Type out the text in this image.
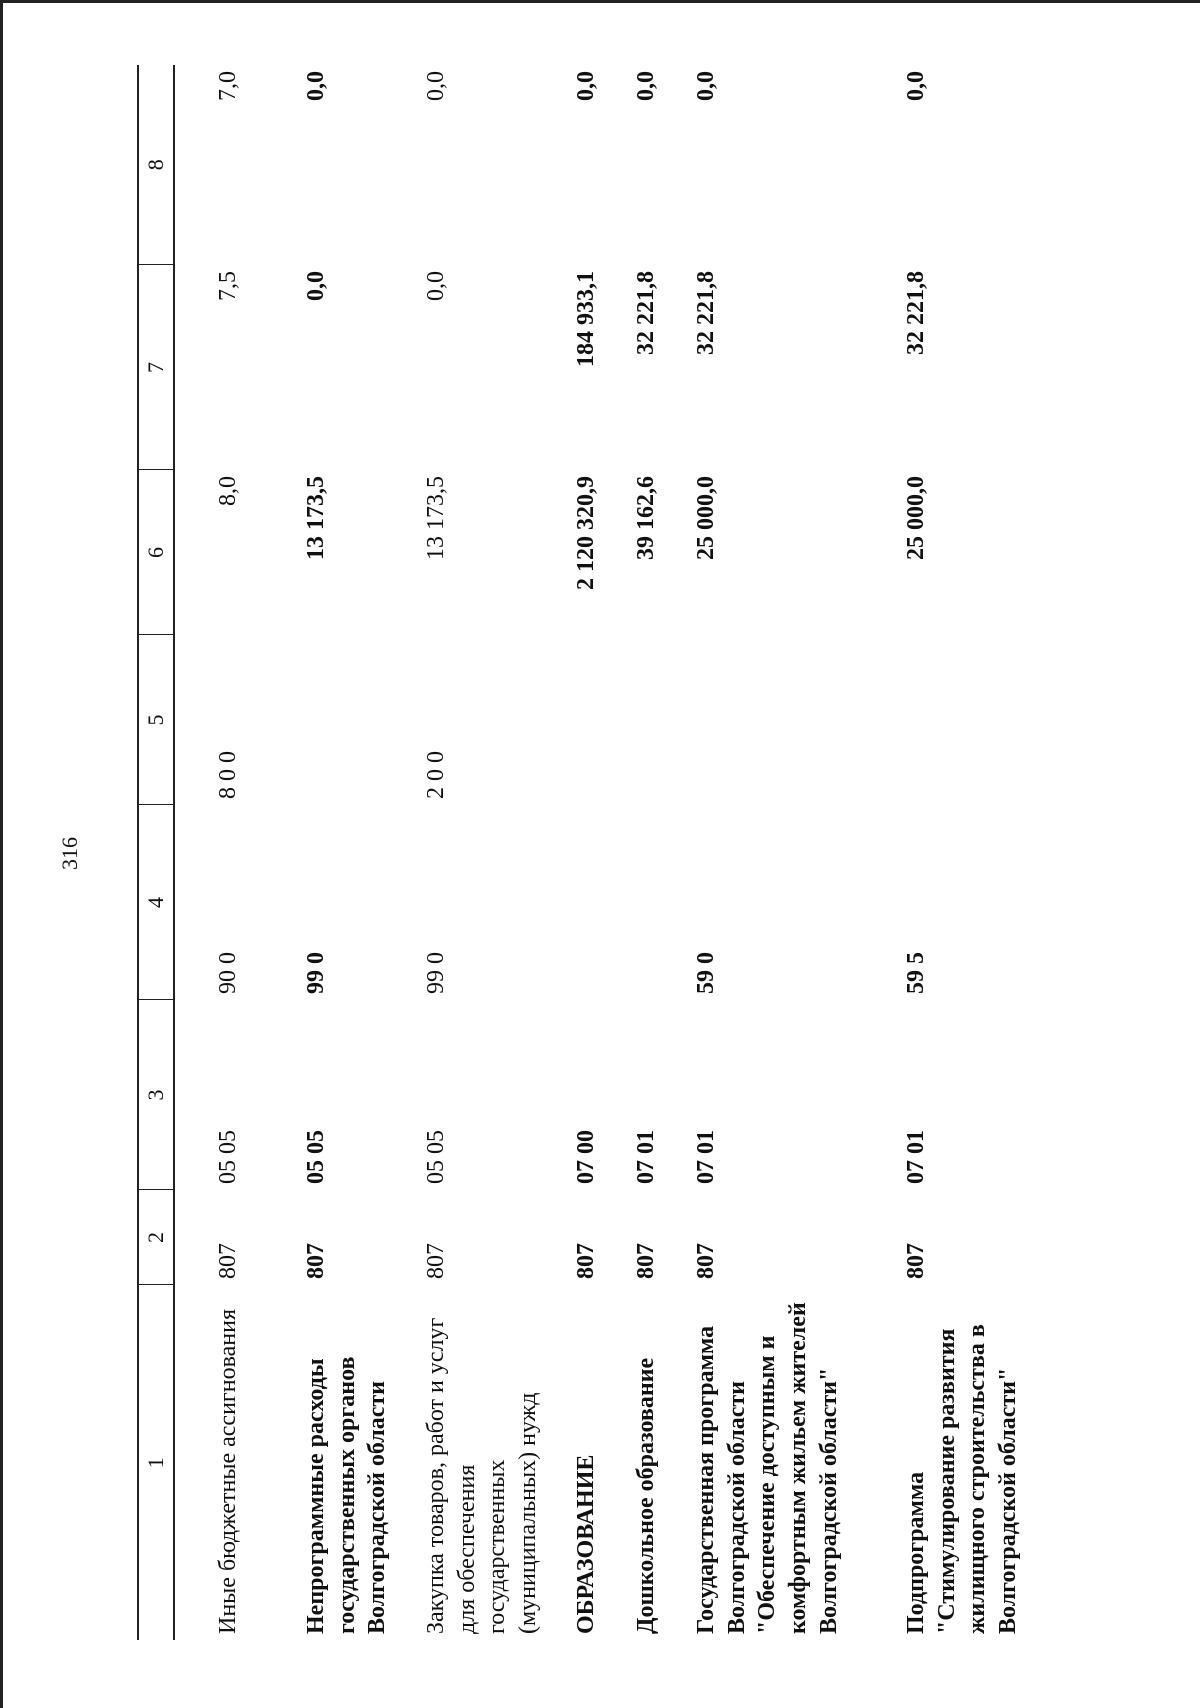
316
1	2	3	4	5	6	7	8

Иные бюджетные ассигнования	807	05 05	90 0	8 0 0	8,0	7,5	7,0
Непрограммные расходы государственных органов Волгоградской области	807	05 05	99 0		13 173,5	0,0	0,0
Закупка товаров, работ и услуг для обеспечения государственных (муниципальных) нужд	807	05 05	99 0	2 0 0	13 173,5	0,0	0,0
ОБРАЗОВАНИЕ	807	07 00			2 120 320,9	184 933,1	0,0
Дошкольное образование	807	07 01			39 162,6	32 221,8	0,0
Государственная программа Волгоградской области "Обеспечение доступным и комфортным жильем жителей Волгоградской области"	807	07 01	59 0		25 000,0	32 221,8	0,0
Подпрограмма "Стимулирование развития жилищного строительства в Волгоградской области"	807	07 01	59 5		25 000,0	32 221,8	0,0
